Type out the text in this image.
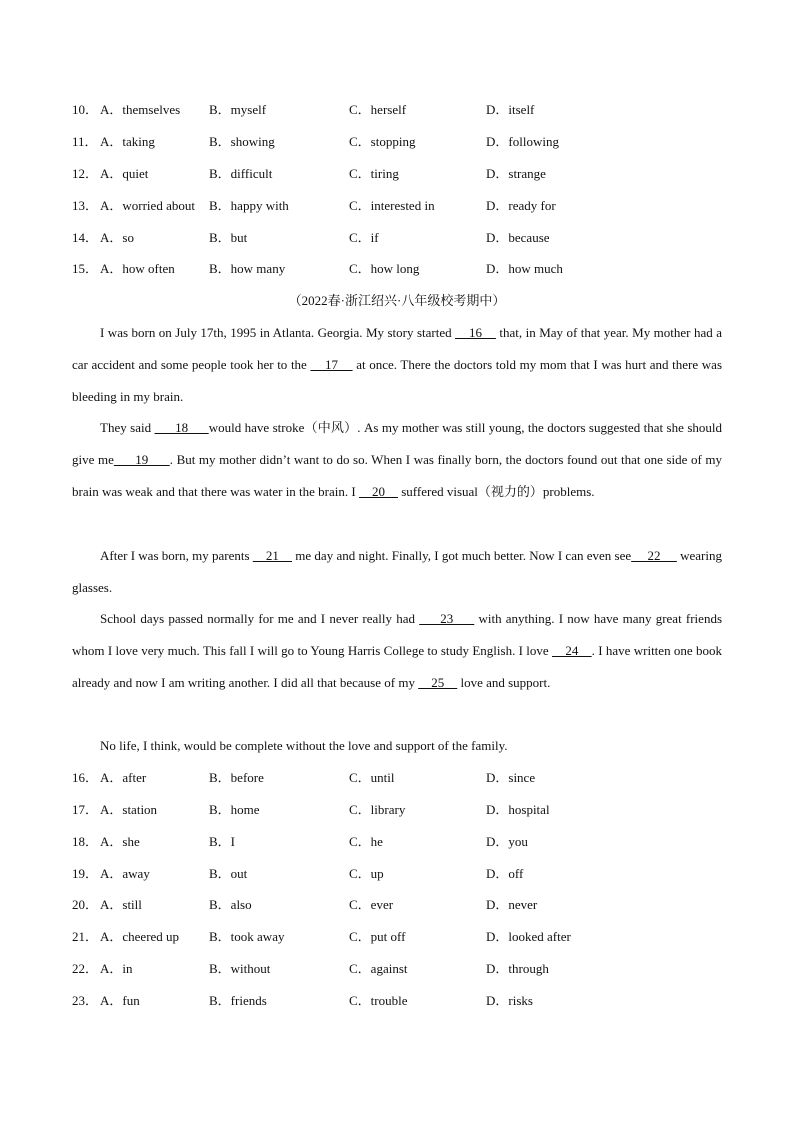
10． A．themselves B．myself	C．herself	D．itself
11． A．taking	B．showing	C．stopping	D．following
12． A．quiet	B．difficult	C．tiring	D．strange
13． A．worried about B．happy with	C．interested in	D．ready for
14． A．so	B．but	C．if	D．because
15． A．how often	B．how many	C．how long	D．how much
（2022春·浙江绍兴·八年级校考期中）
I was born on July 17th, 1995 in Atlanta. Georgia. My story started     16     that, in May of that year. My mother had a car accident and some people took her to the     17     at once. There the doctors told my mom that I was hurt and there was bleeding in my brain.
They said       18      would have stroke（中风）. As my mother was still young, the doctors suggested that she should give me      19      . But my mother didn’t want to do so. When I was finally born, the doctors found out that one side of my brain was weak and that there was water in the brain. I     20     suffered visual（视力的）problems.
After I was born, my parents     21     me day and night. Finally, I got much better. Now I can even see     22      wearing glasses.
School days passed normally for me and I never really had      23      with anything. I now have many great friends whom I love very much. This fall I will go to Young Harris College to study English. I love     24    . I have written one book already and now I am writing another. I did all that because of my     25     love and support.
No life, I think, would be complete without the love and support of the family.
16． A．after	B．before	C．until	D．since
17． A．station	B．home	C．library	D．hospital
18． A．she	B．I	C．he	D．you
19． A．away	B．out	C．up	D．off
20． A．still	B．also	C．ever	D．never
21． A．cheered up B．took away	C．put off	D．looked after
22． A．in	B．without	C．against	D．through
23． A．fun	B．friends	C．trouble	D．risks
